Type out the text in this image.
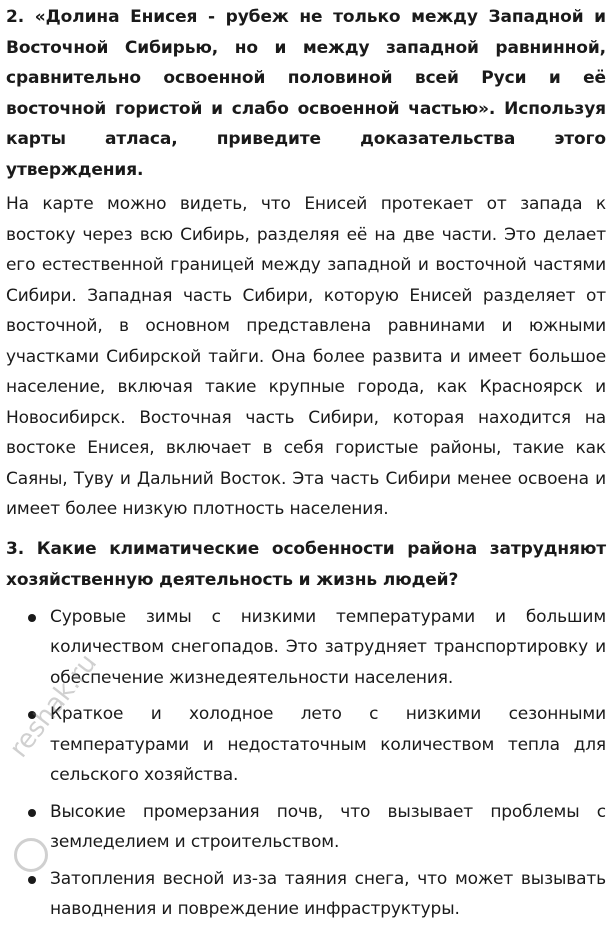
2. «Долина Енисея - рубеж не только между Западной и Восточной Сибирью, но и между западной равнинной, сравнительно освоенной половиной всей Руси и её восточной гористой и слабо освоенной частью». Используя карты атласа, приведите доказательства этого утверждения.

На карте можно видеть, что Енисей протекает от запада к востоку через всю Сибирь, разделяя её на две части. Это делает его естественной границей между западной и восточной частями Сибири. Западная часть Сибири, которую Енисей разделяет от восточной, в основном представлена равнинами и южными участками Сибирской тайги. Она более развита и имеет большое население, включая такие крупные города, как Красноярск и Новосибирск. Восточная часть Сибири, которая находится на востоке Енисея, включает в себя гористые районы, такие как Саяны, Туву и Дальний Восток. Эта часть Сибири менее освоена и имеет более низкую плотность населения.

3. Какие климатические особенности района затрудняют хозяйственную деятельность и жизнь людей?

Суровые зимы с низкими температурами и большим количеством снегопадов. Это затрудняет транспортировку и обеспечение жизнедеятельности населения.
Краткое и холодное лето с низкими сезонными температурами и недостаточным количеством тепла для сельского хозяйства.
Высокие промерзания почв, что вызывает проблемы с земледелием и строительством.
Затопления весной из-за таяния снега, что может вызывать наводнения и повреждение инфраструктуры.
reshak.ru
